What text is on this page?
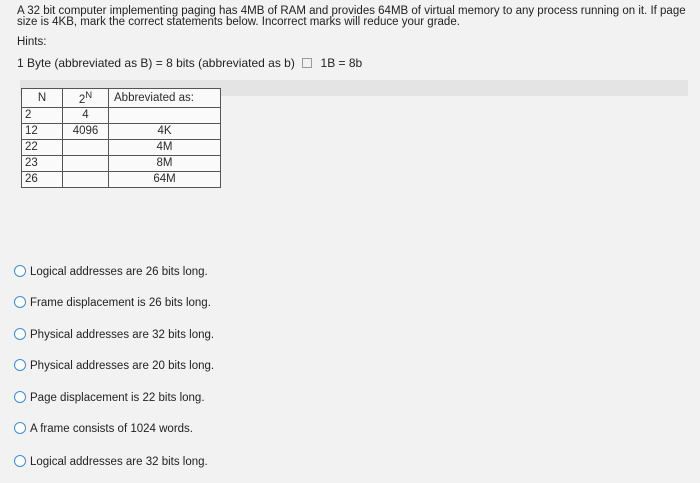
A 32 bit computer implementing paging has 4MB of RAM and provides 64MB of virtual memory to any process running on it. If page
size is 4KB, mark the correct statements below. Incorrect marks will reduce your grade.
Hints:
1 Byte (abbreviated as B) = 8 bits (abbreviated as b) 1B = 8b
N	$2^N$	Abbreviated as:
2	4	
12	4096	4K
22		4M
23		8M
26		64M
Logical addresses are 26 bits long.
Frame displacement is 26 bits long.
Physical addresses are 32 bits long.
Physical addresses are 20 bits long.
Page displacement is 22 bits long.
A frame consists of 1024 words.
Logical addresses are 32 bits long.
